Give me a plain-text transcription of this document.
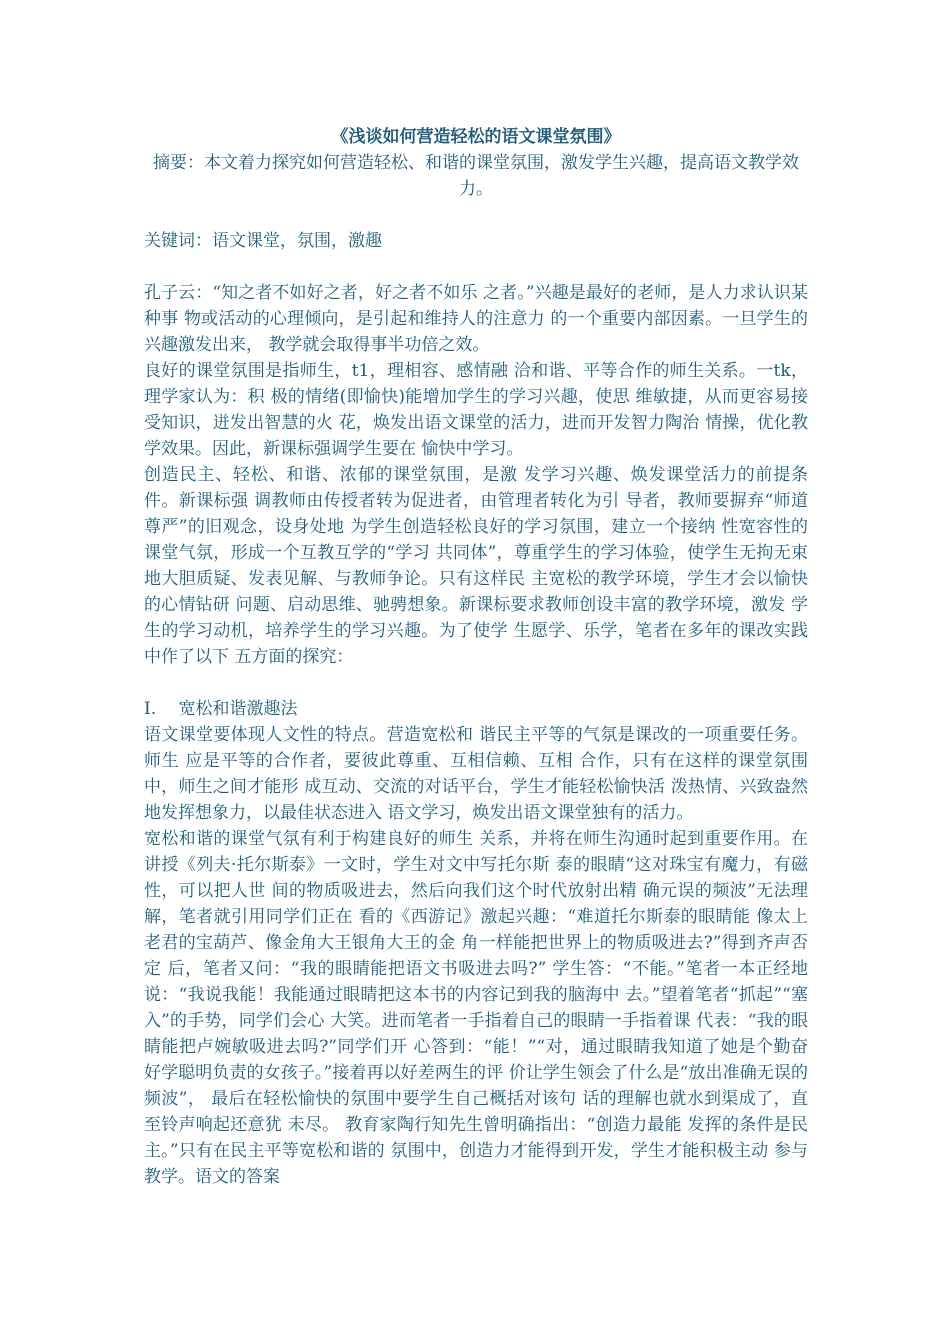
《浅谈如何营造轻松的语文课堂氛围》

摘要：本文着力探究如何营造轻松、和谐的课堂氛围，激发学生兴趣，提高语文教学效 力。

关键词：语文课堂，氛围，激趣

孔子云：“知之者不如好之者，好之者不如乐 之者。”兴趣是最好的老师，是人力求认识某种事 物或活动的心理倾向，是引起和维持人的注意力 的一个重要内部因素。一旦学生的兴趣激发出来， 教学就会取得事半功倍之效。

良好的课堂氛围是指师生，t1，理相容、感情融 洽和谐、平等合作的师生关系。一tk，理学家认为：积 极的情绪(即愉快)能增加学生的学习兴趣，使思 维敏捷，从而更容易接受知识，迸发出智慧的火 花，焕发出语文课堂的活力，进而开发智力陶治 情操，优化教学效果。因此，新课标强调学生要在 愉快中学习。

创造民主、轻松、和谐、浓郁的课堂氛围，是激 发学习兴趣、焕发课堂活力的前提条件。新课标强 调教师由传授者转为促进者，由管理者转化为引 导者，教师要摒弃“师道尊严”的旧观念，设身处地 为学生创造轻松良好的学习氛围，建立一个接纳 性宽容性的课堂气氛，形成一个互教互学的“学习 共同体”，尊重学生的学习体验，使学生无拘无束 地大胆质疑、发表见解、与教师争论。只有这样民 主宽松的教学环境，学生才会以愉快的心情钻研 问题、启动思维、驰骋想象。新课标要求教师创设丰富的教学环境，激发 学生的学习动机，培养学生的学习兴趣。为了使学 生愿学、乐学，笔者在多年的课改实践中作了以下 五方面的探究：

I.　 宽松和谐激趣法

语文课堂要体现人文性的特点。营造宽松和 谐民主平等的气氛是课改的一项重要任务。师生 应是平等的合作者，要彼此尊重、互相信赖、互相 合作，只有在这样的课堂氛围中，师生之间才能形 成互动、交流的对话平台，学生才能轻松愉快活 泼热情、兴致盎然地发挥想象力，以最佳状态进入 语文学习，焕发出语文课堂独有的活力。

宽松和谐的课堂气氛有利于构建良好的师生 关系，并将在师生沟通时起到重要作用。在讲授《列夫·托尔斯泰》一文时，学生对文中写托尔斯 泰的眼睛“这对珠宝有魔力，有磁性，可以把人世 间的物质吸进去，然后向我们这个时代放射出精 确元误的频波”无法理解，笔者就引用同学们正在 看的《西游记》激起兴趣：“难道托尔斯泰的眼睛能 像太上老君的宝葫芦、像金角大王银角大王的金 角一样能把世界上的物质吸进去?”得到齐声否定 后，笔者又问：“我的眼睛能把语文书吸进去吗?” 学生答：“不能。”笔者一本正经地说：“我说我能！我能通过眼睛把这本书的内容记到我的脑海中 去。”望着笔者“抓起”“塞入”的手势，同学们会心 大笑。进而笔者一手指着自己的眼睛一手指着课 代表：“我的眼睛能把卢婉敏吸进去吗?”同学们开 心答到：“能！”“对，通过眼睛我知道了她是个勤奋 好学聪明负责的女孩子。”接着再以好差两生的评 价让学生领会了什么是“放出准确无误的频波”， 最后在轻松愉快的氛围中要学生自己概括对该句 话的理解也就水到渠成了，直至铃声响起还意犹 未尽。 教育家陶行知先生曾明确指出：“创造力最能 发挥的条件是民主。”只有在民主平等宽松和谐的 氛围中，创造力才能得到开发，学生才能积极主动 参与教学。语文的答案
